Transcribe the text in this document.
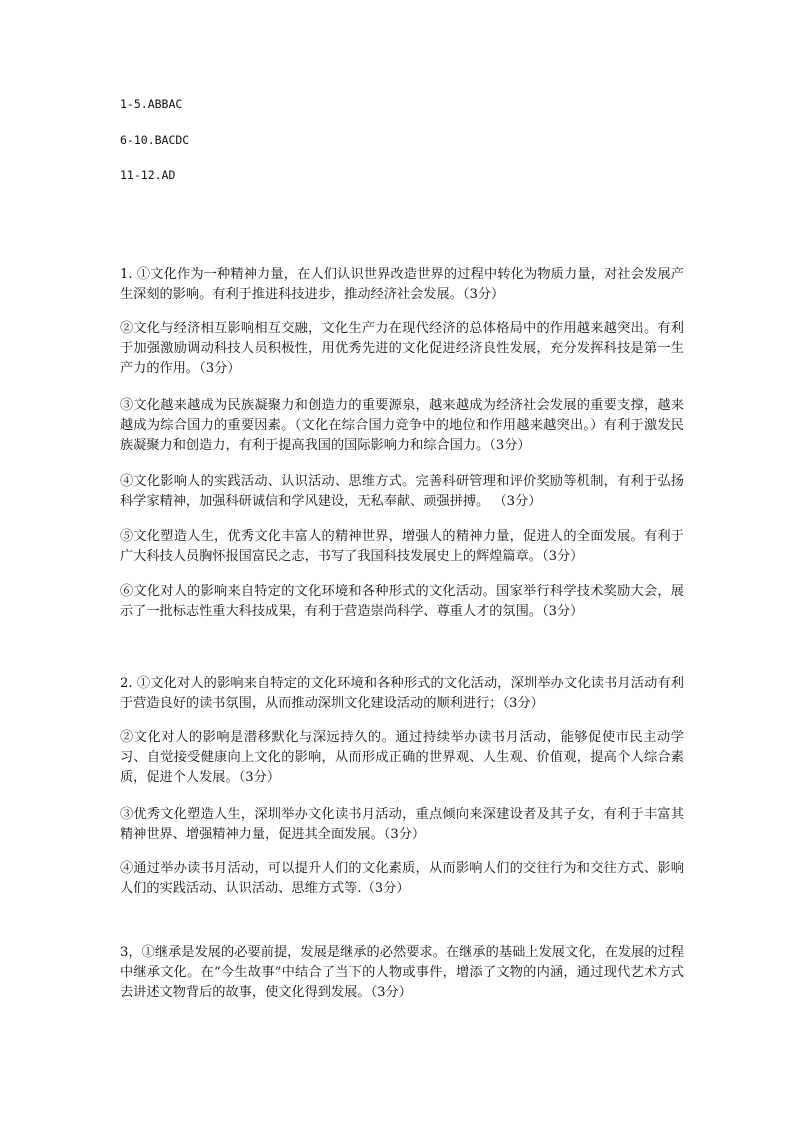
1-5.ABBAC
6-10.BACDC
11-12.AD
1. ①文化作为一种精神力量，在人们认识世界改造世界的过程中转化为物质力量，对社会发展产生深刻的影响。有利于推进科技进步，推动经济社会发展。（3分）
②文化与经济相互影响相互交融，文化生产力在现代经济的总体格局中的作用越来越突出。有利于加强激励调动科技人员积极性，用优秀先进的文化促进经济良性发展，充分发挥科技是第一生产力的作用。（3分）
③文化越来越成为民族凝聚力和创造力的重要源泉，越来越成为经济社会发展的重要支撑，越来越成为综合国力的重要因素。（文化在综合国力竞争中的地位和作用越来越突出。）有利于激发民族凝聚力和创造力，有利于提高我国的国际影响力和综合国力。（3分）
④文化影响人的实践活动、认识活动、思维方式。完善科研管理和评价奖励等机制，有利于弘扬科学家精神，加强科研诚信和学风建设，无私奉献、顽强拼搏。 （3分）
⑤文化塑造人生，优秀文化丰富人的精神世界，增强人的精神力量，促进人的全面发展。有利于广大科技人员胸怀报国富民之志，书写了我国科技发展史上的辉煌篇章。（3分）
⑥文化对人的影响来自特定的文化环境和各种形式的文化活动。国家举行科学技术奖励大会，展示了一批标志性重大科技成果，有利于营造崇尚科学、尊重人才的氛围。（3分）
2. ①文化对人的影响来自特定的文化环境和各种形式的文化活动，深圳举办文化读书月活动有利于营造良好的读书氛围，从而推动深圳文化建设活动的顺利进行；（3分）
②文化对人的影响是潜移默化与深远持久的。通过持续举办读书月活动，能够促使市民主动学习、自觉接受健康向上文化的影响，从而形成正确的世界观、人生观、价值观，提高个人综合素质，促进个人发展。（3分）
③优秀文化塑造人生，深圳举办文化读书月活动，重点倾向来深建设者及其子女，有利于丰富其精神世界、增强精神力量，促进其全面发展。（3分）
④通过举办读书月活动，可以提升人们的文化素质，从而影响人们的交往行为和交往方式、影响人们的实践活动、认识活动、思维方式等.（3分）
3，①继承是发展的必要前提，发展是继承的必然要求。在继承的基础上发展文化，在发展的过程中继承文化。在“今生故事”中结合了当下的人物或事件，增添了文物的内涵，通过现代艺术方式去讲述文物背后的故事，使文化得到发展。（3分）
